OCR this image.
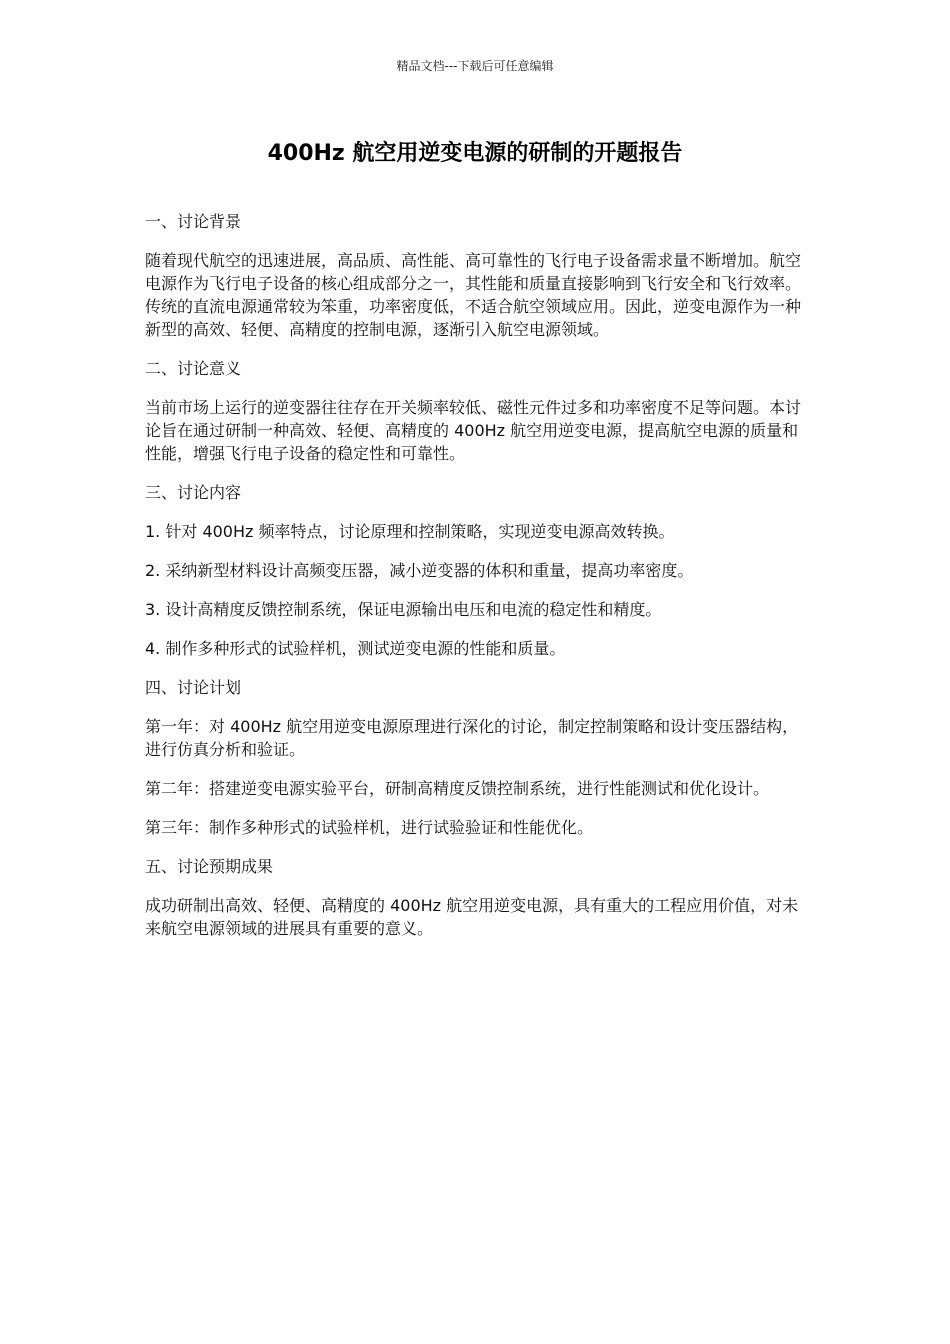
精品文档---下载后可任意编辑
400Hz 航空用逆变电源的研制的开题报告

一、讨论背景

随着现代航空的迅速进展，高品质、高性能、高可靠性的飞行电子设备需求量不断增加。航空电源作为飞行电子设备的核心组成部分之一，其性能和质量直接影响到飞行安全和飞行效率。传统的直流电源通常较为笨重，功率密度低，不适合航空领域应用。因此，逆变电源作为一种新型的高效、轻便、高精度的控制电源，逐渐引入航空电源领域。

二、讨论意义

当前市场上运行的逆变器往往存在开关频率较低、磁性元件过多和功率密度不足等问题。本讨论旨在通过研制一种高效、轻便、高精度的 400Hz 航空用逆变电源，提高航空电源的质量和性能，增强飞行电子设备的稳定性和可靠性。

三、讨论内容

1. 针对 400Hz 频率特点，讨论原理和控制策略，实现逆变电源高效转换。

2. 采纳新型材料设计高频变压器，减小逆变器的体积和重量，提高功率密度。

3. 设计高精度反馈控制系统，保证电源输出电压和电流的稳定性和精度。

4. 制作多种形式的试验样机，测试逆变电源的性能和质量。

四、讨论计划

第一年：对 400Hz 航空用逆变电源原理进行深化的讨论，制定控制策略和设计变压器结构，进行仿真分析和验证。

第二年：搭建逆变电源实验平台，研制高精度反馈控制系统，进行性能测试和优化设计。

第三年：制作多种形式的试验样机，进行试验验证和性能优化。

五、讨论预期成果

成功研制出高效、轻便、高精度的 400Hz 航空用逆变电源，具有重大的工程应用价值，对未来航空电源领域的进展具有重要的意义。
